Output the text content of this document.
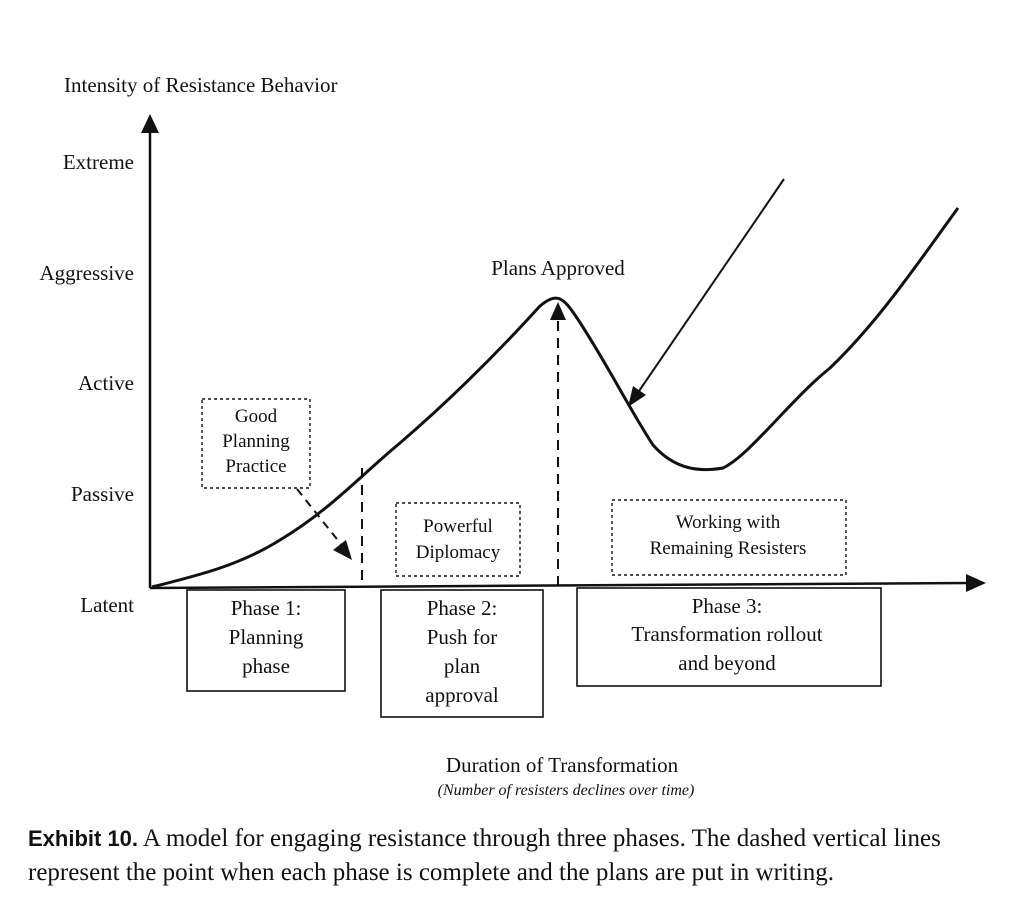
Intensity of Resistance Behavior
Extreme
Aggressive
Active
Passive
Latent
Plans Approved
Good
Planning
Practice
Powerful
Diplomacy
Working with
Remaining Resisters
Phase 1:
Planning
phase
Phase 2:
Push for
plan
approval
Phase 3:
Transformation rollout
and beyond
Duration of Transformation
(Number of resisters declines over time)
Exhibit 10. A model for engaging resistance through three phases. The dashed vertical lines represent the point when each phase is complete and the plans are put in writing.
